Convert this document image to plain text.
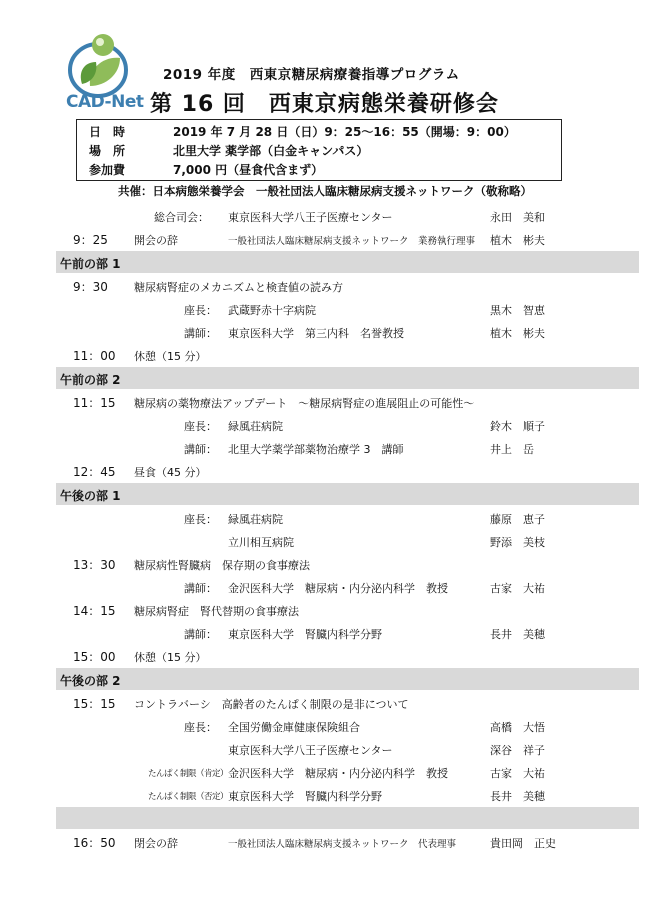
CAD-Net
2019 年度　西東京糖尿病療養指導プログラム
第 16 回　西東京病態栄養研修会
日　時	2019 年 7 月 28 日（日）9：25〜16：55（開場：9：00）
場　所	北里大学 薬学部（白金キャンパス）
参加費	7,000 円（昼食代含まず）
共催：日本病態栄養学会　一般社団法人臨床糖尿病支援ネットワーク（敬称略）
総合司会： 東京医科大学八王子医療センター	永田　美和
9：25 開会の辞	一般社団法人臨床糖尿病支援ネットワーク　業務執行理事 植木　彬夫
午前の部 1
9：30 糖尿病腎症のメカニズムと検査値の読み方
座長： 武蔵野赤十字病院	黒木　智恵
講師： 東京医科大学　第三内科　名誉教授	植木　彬夫
11：00 休憩（15 分）
午前の部 2
11：15 糖尿病の薬物療法アップデート　〜糖尿病腎症の進展阻止の可能性〜
座長： 緑風荘病院	鈴木　順子
講師： 北里大学薬学部薬物治療学 3　講師	井上　岳
12：45 昼食（45 分）
午後の部 1
座長： 緑風荘病院	藤原　恵子
立川相互病院	野添　美枝
13：30 糖尿病性腎臓病　保存期の食事療法
講師： 金沢医科大学　糖尿病・内分泌内科学　教授	古家　大祐
14：15 糖尿病腎症　腎代替期の食事療法
講師： 東京医科大学　腎臓内科学分野	長井　美穂
15：00 休憩（15 分）
午後の部 2
15：15 コントラバーシ　高齢者のたんぱく制限の是非について
座長： 全国労働金庫健康保険組合	高橋　大悟
東京医科大学八王子医療センター	深谷　祥子
たんぱく制限（肯定） 金沢医科大学　糖尿病・内分泌内科学　教授	古家　大祐
たんぱく制限（否定） 東京医科大学　腎臓内科学分野	長井　美穂
16：50 閉会の辞	一般社団法人臨床糖尿病支援ネットワーク　代表理事	貴田岡　正史
